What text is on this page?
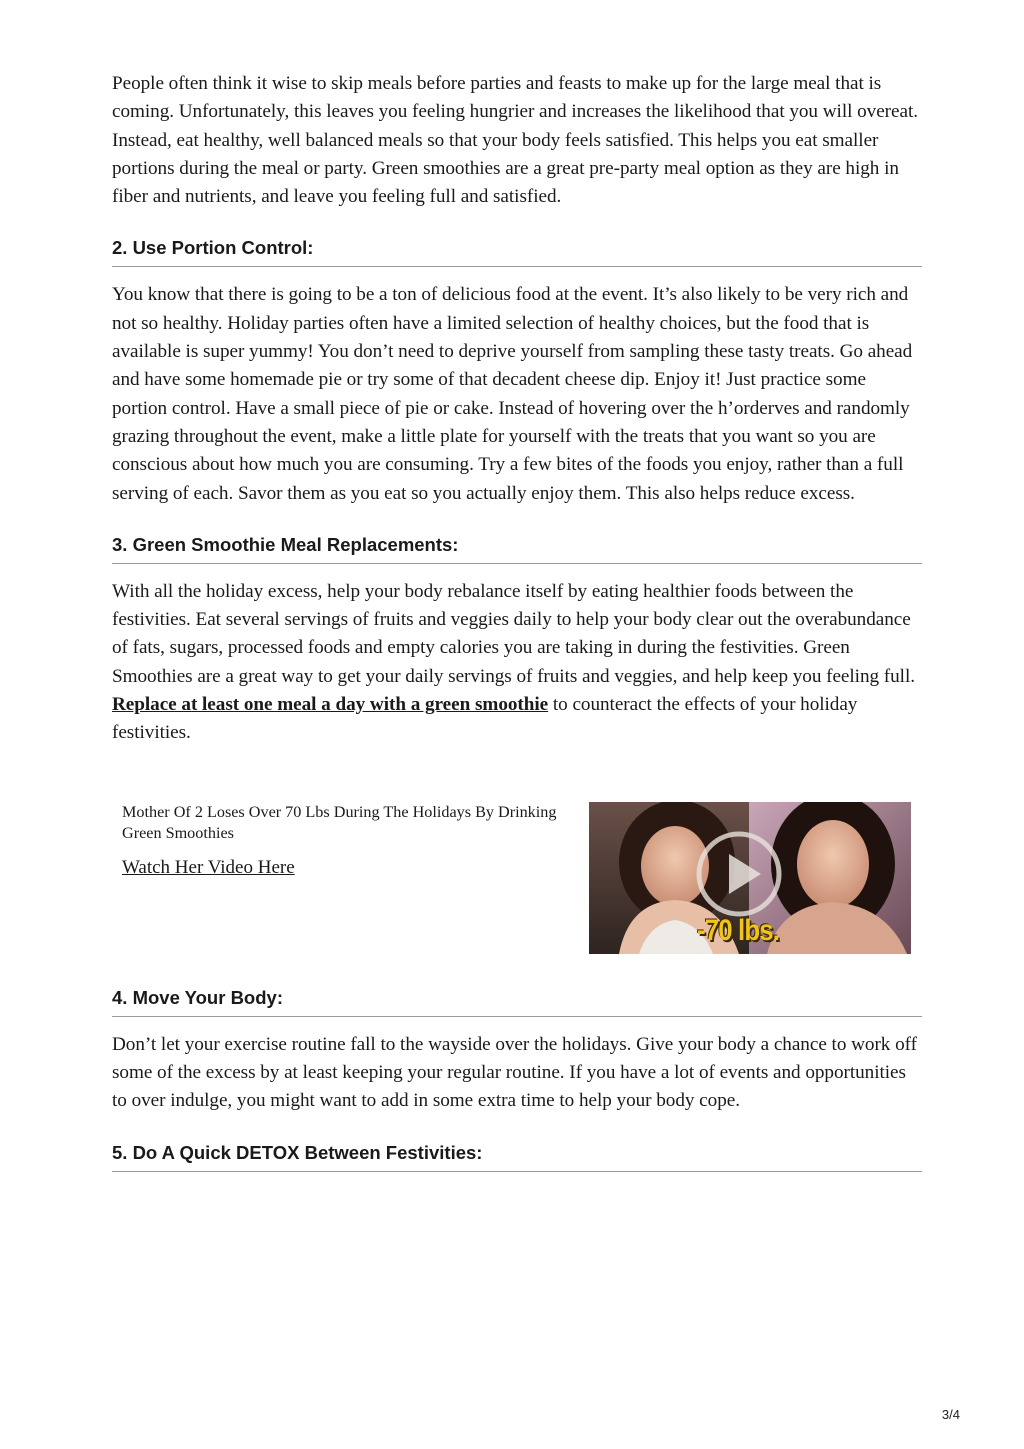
People often think it wise to skip meals before parties and feasts to make up for the large meal that is coming. Unfortunately, this leaves you feeling hungrier and increases the likelihood that you will overeat. Instead, eat healthy, well balanced meals so that your body feels satisfied. This helps you eat smaller portions during the meal or party. Green smoothies are a great pre-party meal option as they are high in fiber and nutrients, and leave you feeling full and satisfied.

2. Use Portion Control:

You know that there is going to be a ton of delicious food at the event. It’s also likely to be very rich and not so healthy. Holiday parties often have a limited selection of healthy choices, but the food that is available is super yummy! You don’t need to deprive yourself from sampling these tasty treats. Go ahead and have some homemade pie or try some of that decadent cheese dip. Enjoy it! Just practice some portion control. Have a small piece of pie or cake. Instead of hovering over the h’orderves and randomly grazing throughout the event, make a little plate for yourself with the treats that you want so you are conscious about how much you are consuming. Try a few bites of the foods you enjoy, rather than a full serving of each. Savor them as you eat so you actually enjoy them. This also helps reduce excess.

3. Green Smoothie Meal Replacements:

With all the holiday excess, help your body rebalance itself by eating healthier foods between the festivities. Eat several servings of fruits and veggies daily to help your body clear out the overabundance of fats, sugars, processed foods and empty calories you are taking in during the festivities. Green Smoothies are a great way to get your daily servings of fruits and veggies, and help keep you feeling full. Replace at least one meal a day with a green smoothie to counteract the effects of your holiday festivities.

Mother Of 2 Loses Over 70 Lbs During The Holidays By Drinking Green Smoothies
Watch Her Video Here
-70 lbs.
4. Move Your Body:

Don’t let your exercise routine fall to the wayside over the holidays. Give your body a chance to work off some of the excess by at least keeping your regular routine. If you have a lot of events and opportunities to over indulge, you might want to add in some extra time to help your body cope.

5. Do A Quick DETOX Between Festivities:
3/4
